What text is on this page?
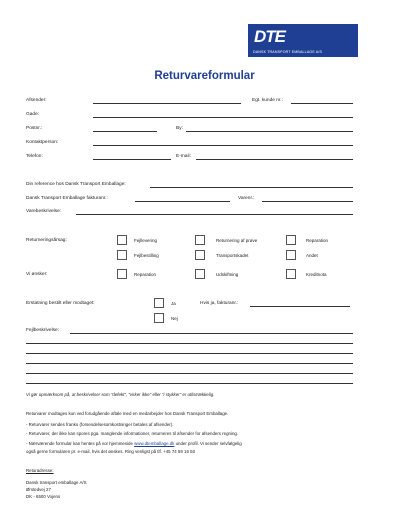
DTE
DANSK TRANSPORT EMBALLAGE A/S
Returvareformular
Afsender:	Egt. kunde nr.:
Gade:
Postnr.:	By:
Kontaktperson:
Telefon:	E-mail:
Din reference hos Dansk Transport Emballage:
Dansk Transport Emballage fakturanr.:	Varenr.:
Varebeskrivelse:
Returneringsårsag:	Fejllevering	Returnering af prøve	Reparation
Fejlbestilling	Transportskadet	Andet
Vi ønsker:	Reparation	Udskiftning	Kreditnota
Erstatning bestilt eller modtaget:	Ja	Hvis ja, fakturanr.:
Nej
Fejlbeskrivelse:
Vi gør opmærksom på, at beskrivelser som "defekt", "virker ikke" eller "i stykker" er utilstrækkelig.
Returvarer modtages kun ved forudgående aftale med en medarbejder hos Dansk Transport Emballage.
- Returvarer sendes franko (forsendelsesomkostninger betales af afsender).
- Returvarer, der ikke kan spores pga. manglende informationer, returneres til afsender for afsenders regning.
- Nærværende formular kan hentes på vor hjemmeside www.dtemballage.dk under profil. Vi sender selvfølgelig
også gerne formularen pr. e-mail, hvis det ønskes. Ring venligst på tlf. +45 74 59 16 50
Returadresse:
Dansk transport emballage A/S
Ørstedvej 27
DK - 6500 Vojens
